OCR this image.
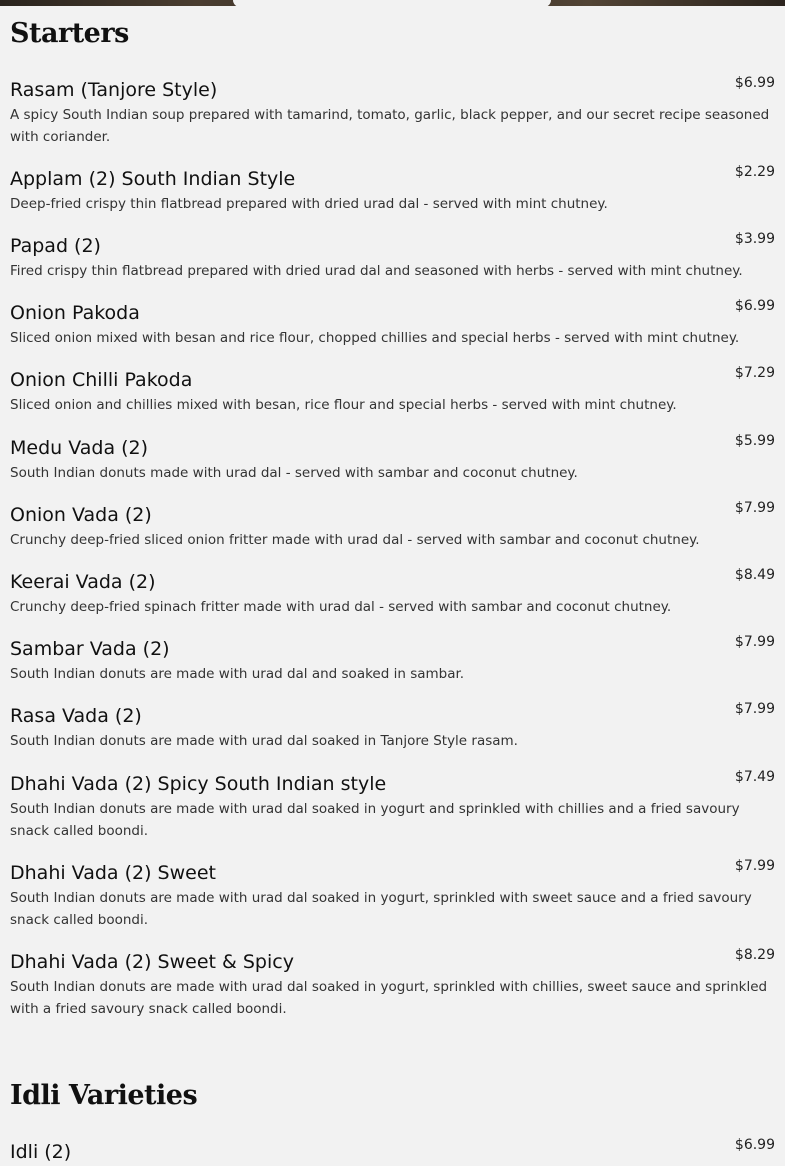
Starters
Rasam (Tanjore Style)	$6.99
A spicy South Indian soup prepared with tamarind, tomato, garlic, black pepper, and our secret recipe seasoned with coriander.
Applam (2) South Indian Style	$2.29
Deep-fried crispy thin flatbread prepared with dried urad dal - served with mint chutney.
Papad (2)	$3.99
Fired crispy thin flatbread prepared with dried urad dal and seasoned with herbs - served with mint chutney.
Onion Pakoda	$6.99
Sliced onion mixed with besan and rice flour, chopped chillies and special herbs - served with mint chutney.
Onion Chilli Pakoda	$7.29
Sliced onion and chillies mixed with besan, rice flour and special herbs - served with mint chutney.
Medu Vada (2)	$5.99
South Indian donuts made with urad dal - served with sambar and coconut chutney.
Onion Vada (2)	$7.99
Crunchy deep-fried sliced onion fritter made with urad dal - served with sambar and coconut chutney.
Keerai Vada (2)	$8.49
Crunchy deep-fried spinach fritter made with urad dal - served with sambar and coconut chutney.
Sambar Vada (2)	$7.99
South Indian donuts are made with urad dal and soaked in sambar.
Rasa Vada (2)	$7.99
South Indian donuts are made with urad dal soaked in Tanjore Style rasam.
Dhahi Vada (2) Spicy South Indian style	$7.49
South Indian donuts are made with urad dal soaked in yogurt and sprinkled with chillies and a fried savoury snack called boondi.
Dhahi Vada (2) Sweet	$7.99
South Indian donuts are made with urad dal soaked in yogurt, sprinkled with sweet sauce and a fried savoury snack called boondi.
Dhahi Vada (2) Sweet & Spicy	$8.29
South Indian donuts are made with urad dal soaked in yogurt, sprinkled with chillies, sweet sauce and sprinkled with a fried savoury snack called boondi.
Idli Varieties
Idli (2)	$6.99
